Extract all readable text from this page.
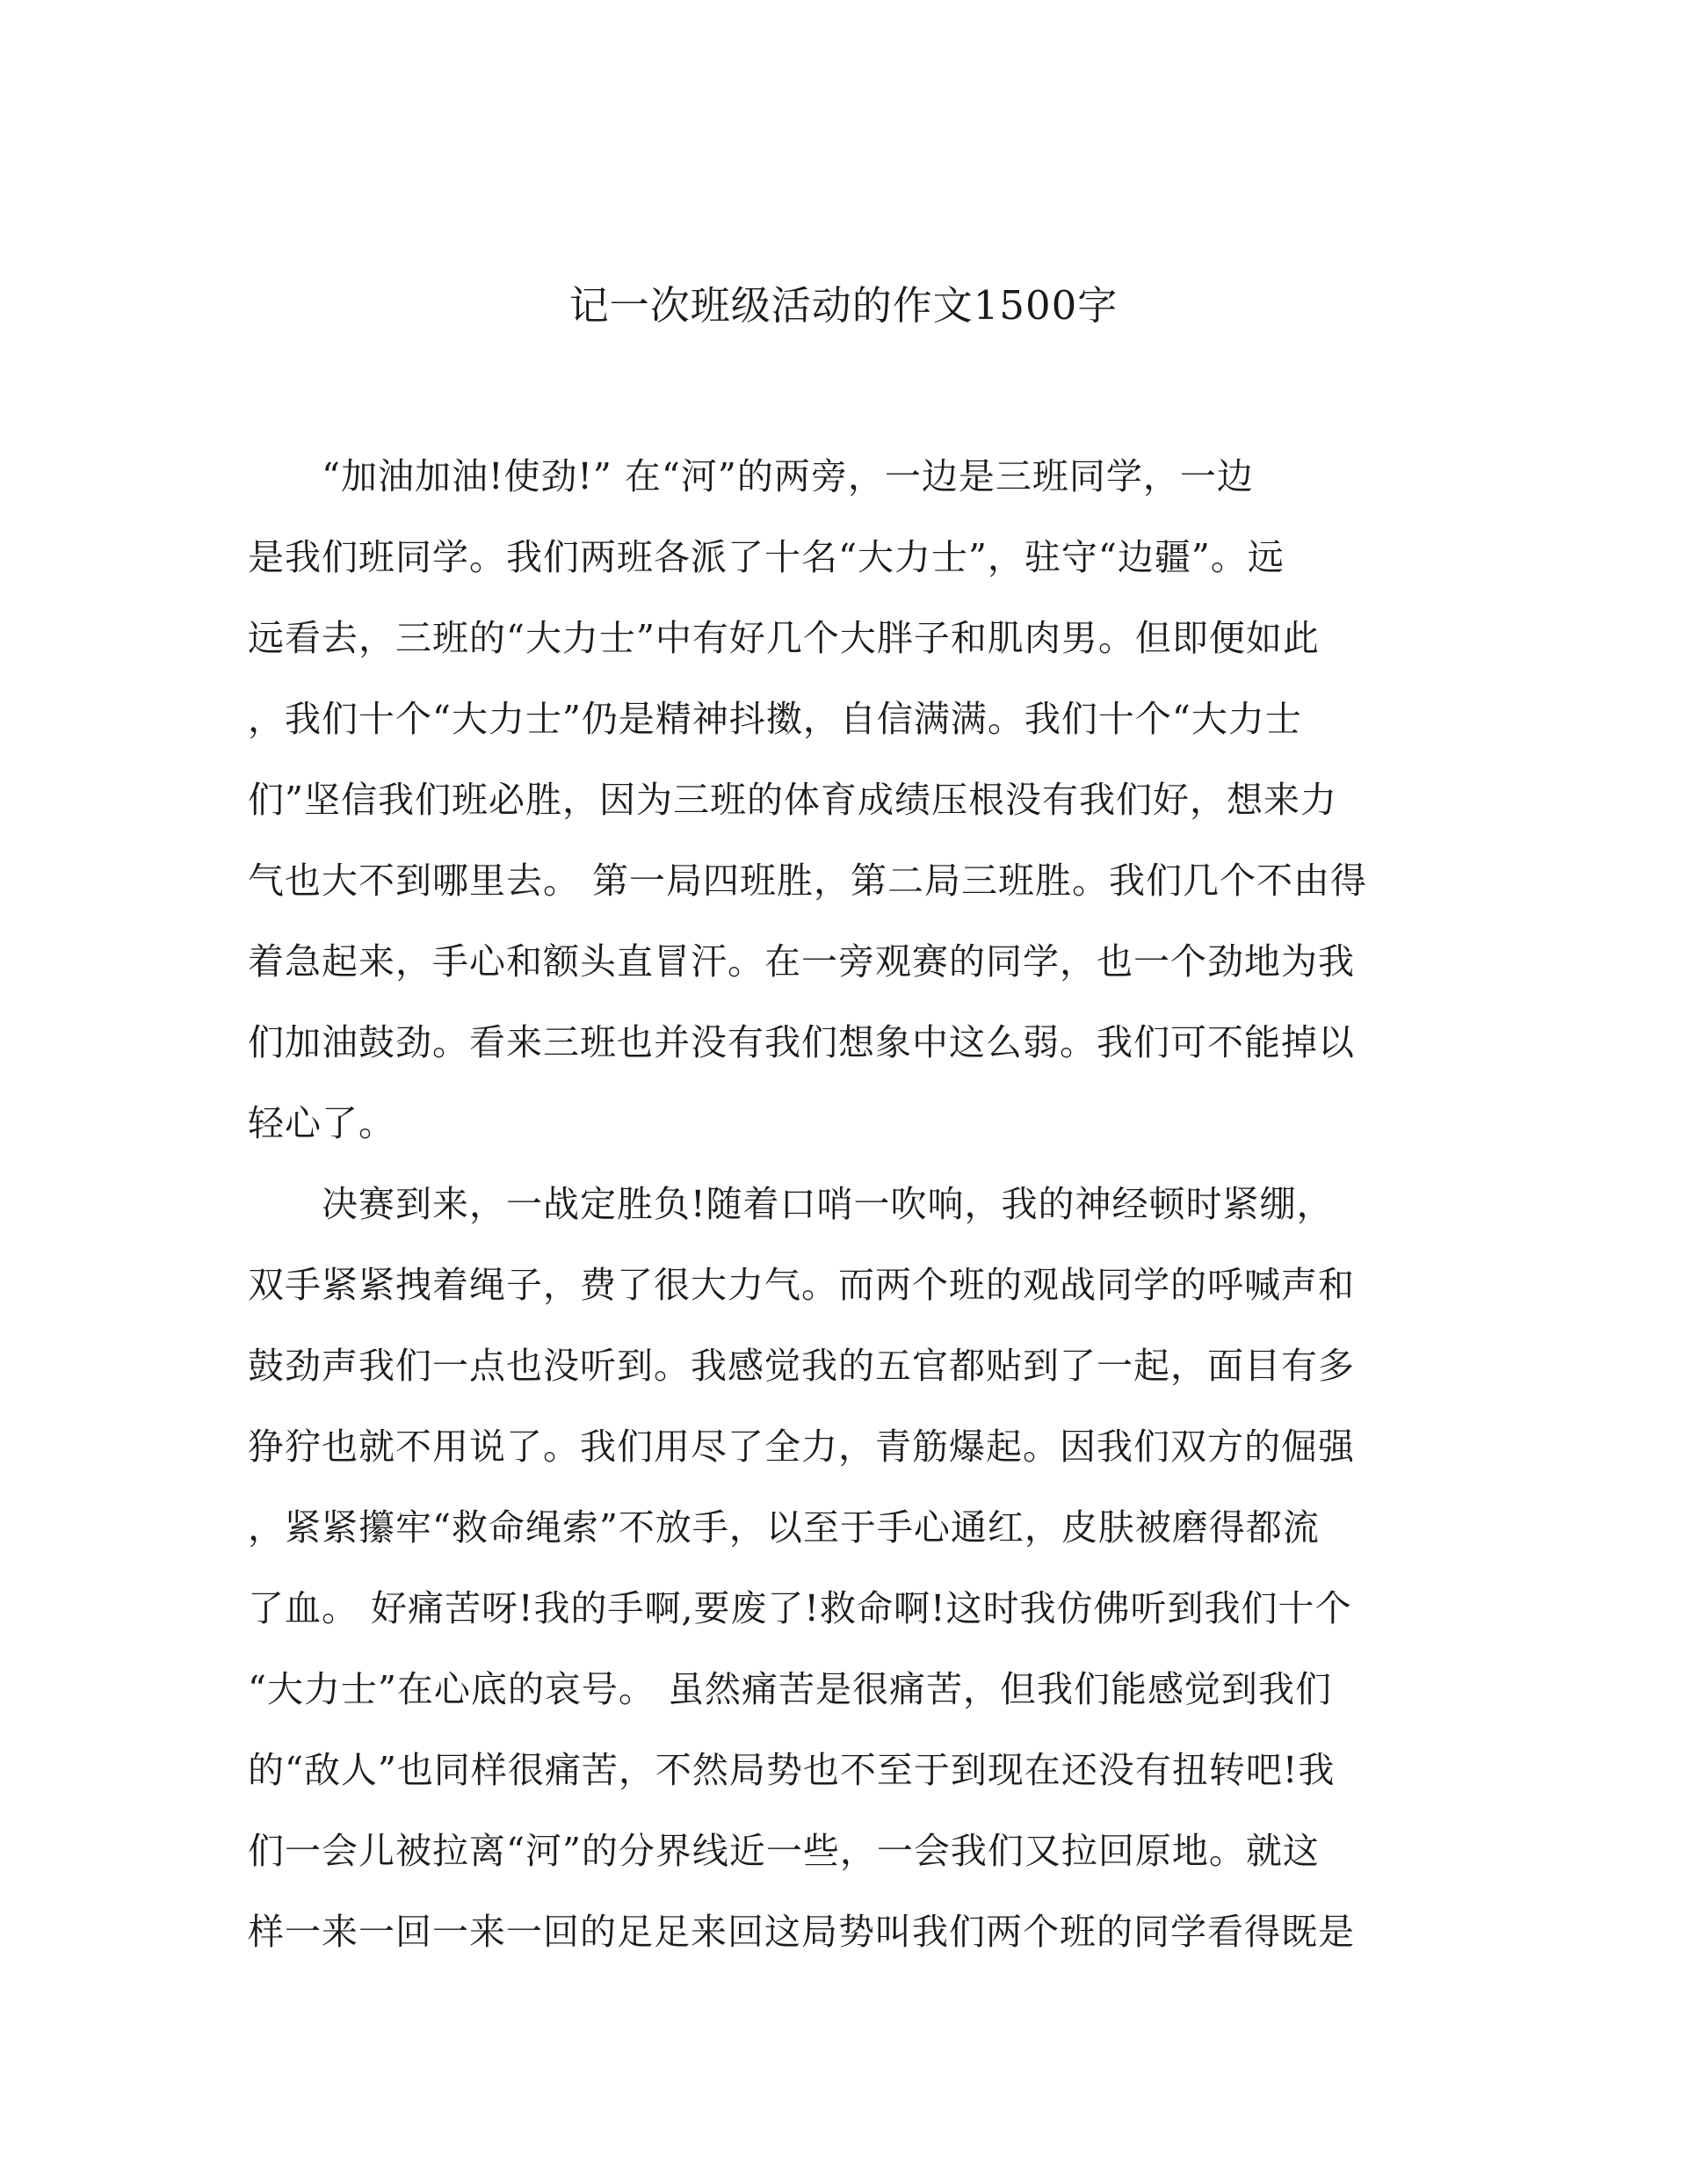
记一次班级活动的作文1500字
　　“加油加油!使劲!” 在“河”的两旁，一边是三班同学，一边
是我们班同学。我们两班各派了十名“大力士”，驻守“边疆”。远
远看去，三班的“大力士”中有好几个大胖子和肌肉男。但即便如此
，我们十个“大力士”仍是精神抖擞，自信满满。我们十个“大力士
们”坚信我们班必胜，因为三班的体育成绩压根没有我们好，想来力
气也大不到哪里去。 第一局四班胜，第二局三班胜。我们几个不由得
着急起来，手心和额头直冒汗。在一旁观赛的同学，也一个劲地为我
们加油鼓劲。看来三班也并没有我们想象中这么弱。我们可不能掉以
轻心了。
　　决赛到来，一战定胜负!随着口哨一吹响，我的神经顿时紧绷，
双手紧紧拽着绳子，费了很大力气。而两个班的观战同学的呼喊声和
鼓劲声我们一点也没听到。我感觉我的五官都贴到了一起，面目有多
狰狞也就不用说了。我们用尽了全力，青筋爆起。因我们双方的倔强
，紧紧攥牢“救命绳索”不放手，以至于手心通红，皮肤被磨得都流
了血。 好痛苦呀!我的手啊,要废了!救命啊!这时我仿佛听到我们十个
“大力士”在心底的哀号。 虽然痛苦是很痛苦，但我们能感觉到我们
的“敌人”也同样很痛苦，不然局势也不至于到现在还没有扭转吧!我
们一会儿被拉离“河”的分界线近一些，一会我们又拉回原地。就这
样一来一回一来一回的足足来回这局势叫我们两个班的同学看得既是
